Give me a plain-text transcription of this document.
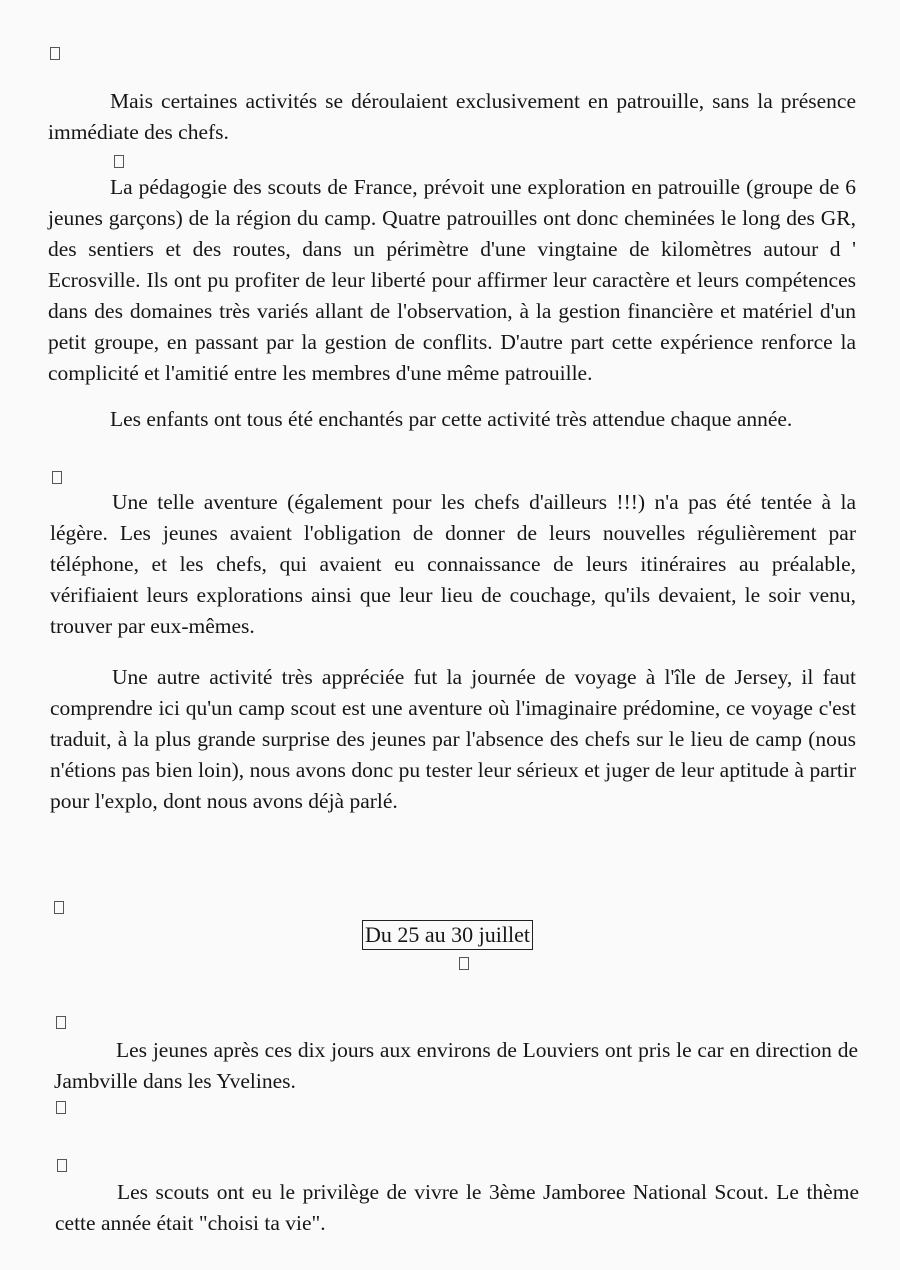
Mais certaines activités se déroulaient exclusivement en patrouille, sans la présence immédiate des chefs.

La pédagogie des scouts de France, prévoit une exploration en patrouille (groupe de 6 jeunes garçons) de la région du camp. Quatre patrouilles ont donc cheminées le long des GR, des sentiers et des routes, dans un périmètre d'une vingtaine de kilomètres autour d ' Ecrosville. Ils ont pu profiter de leur liberté pour affirmer leur caractère et leurs compétences dans des domaines très variés allant de l'observation, à la gestion financière et matériel d'un petit groupe, en passant par la gestion de conflits. D'autre part cette expérience renforce la complicité et l'amitié entre les membres d'une même patrouille.

Les enfants ont tous été enchantés par cette activité très attendue chaque année.

Une telle aventure (également pour les chefs d'ailleurs !!!) n'a pas été tentée à la légère. Les jeunes avaient l'obligation de donner de leurs nouvelles régulièrement par téléphone, et les chefs, qui avaient eu connaissance de leurs itinéraires au préalable, vérifiaient leurs explorations ainsi que leur lieu de couchage, qu'ils devaient, le soir venu, trouver par eux-mêmes.

Une autre activité très appréciée fut la journée de voyage à l'île de Jersey, il faut comprendre ici qu'un camp scout est une aventure où l'imaginaire prédomine, ce voyage c'est traduit, à la plus grande surprise des jeunes par l'absence des chefs sur le lieu de camp (nous n'étions pas bien loin), nous avons donc pu tester leur sérieux et juger de leur aptitude à partir pour l'explo, dont nous avons déjà parlé.

Du 25 au 30 juillet

Les jeunes après ces dix jours aux environs de Louviers ont pris le car en direction de Jambville dans les Yvelines.

Les scouts ont eu le privilège de vivre le 3ème Jamboree National Scout. Le thème cette année était "choisi ta vie".
